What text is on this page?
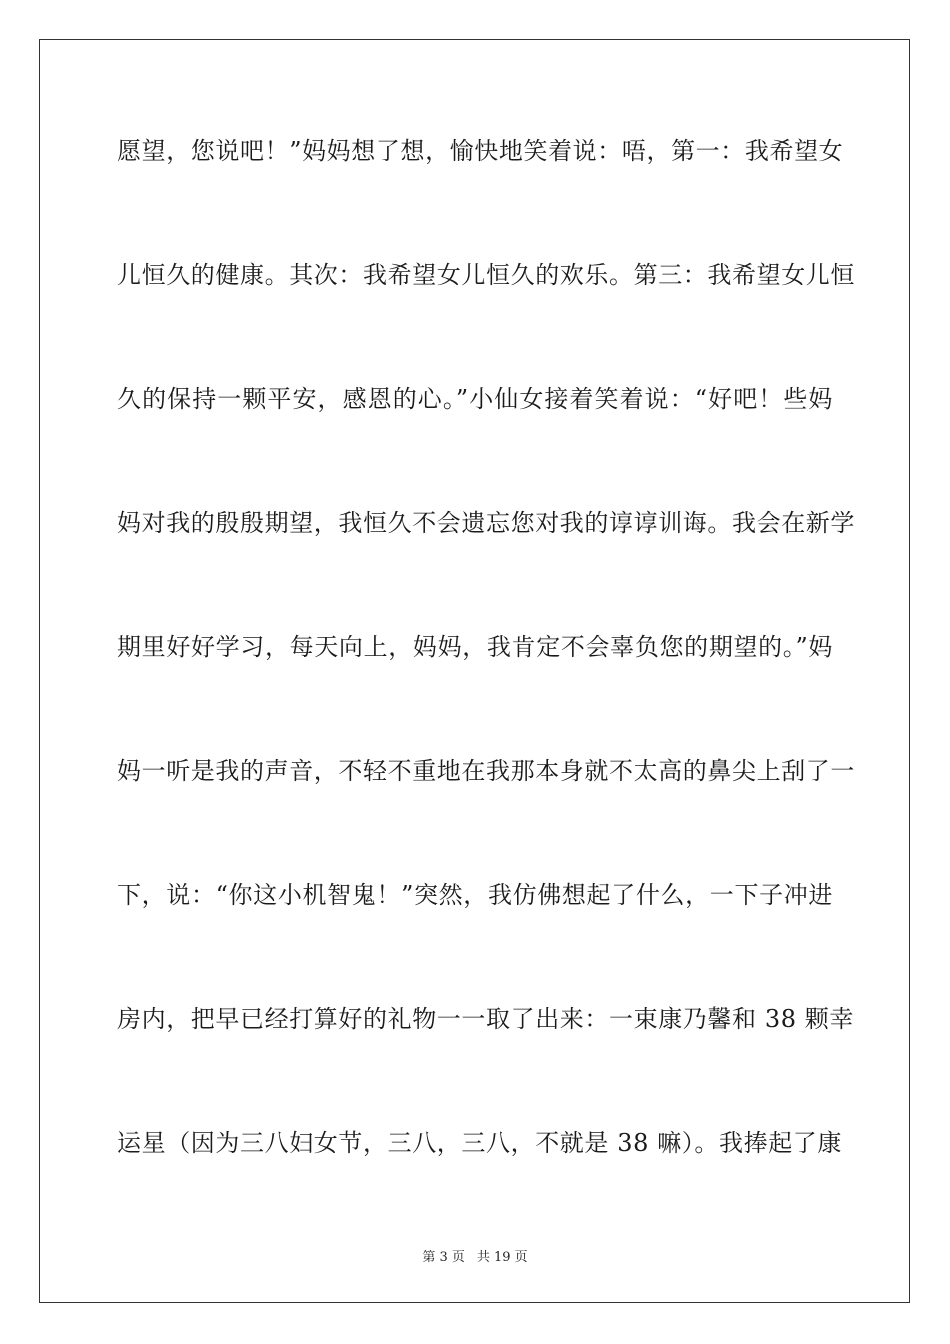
愿望，您说吧！”妈妈想了想，愉快地笑着说：唔，第一：我希望女
儿恒久的健康。其次：我希望女儿恒久的欢乐。第三：我希望女儿恒
久的保持一颗平安，感恩的心。”小仙女接着笑着说：“好吧！些妈
妈对我的殷殷期望，我恒久不会遗忘您对我的谆谆训诲。我会在新学
期里好好学习，每天向上，妈妈，我肯定不会辜负您的期望的。”妈
妈一听是我的声音，不轻不重地在我那本身就不太高的鼻尖上刮了一
下，说：“你这小机智鬼！”突然，我仿佛想起了什么，一下子冲进
房内，把早已经打算好的礼物一一取了出来：一束康乃馨和 38 颗幸
运星（因为三八妇女节，三八，三八，不就是 38 嘛）。我捧起了康
第 3 页 共 19 页
